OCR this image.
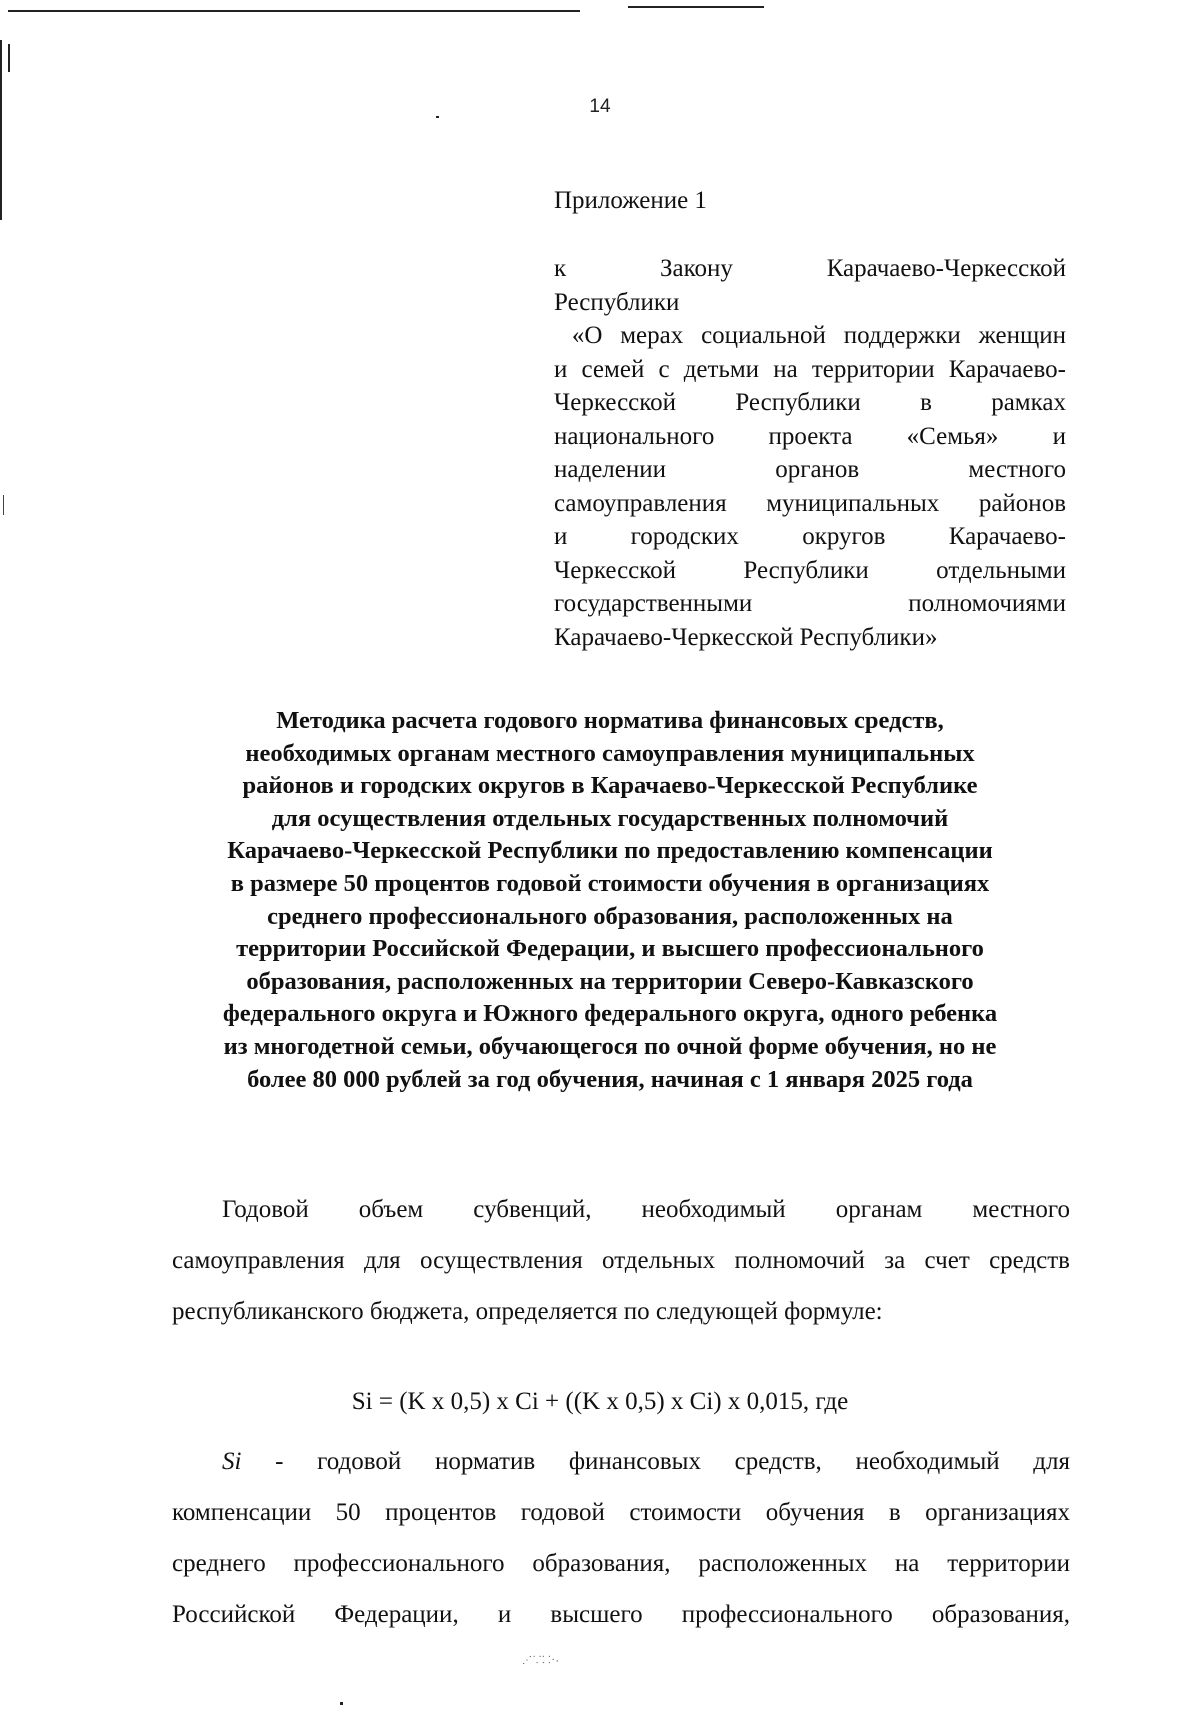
14
Приложение 1
к Закону Карачаево-Черкесской
Республики
«О мерах социальной поддержки женщин
и семей с детьми на территории Карачаево-
Черкесской Республики в рамках
национального проекта «Семья» и
наделении органов местного
самоуправления муниципальных районов
и городских округов Карачаево-
Черкесской Республики отдельными
государственными полномочиями
Карачаево-Черкесской Республики»
Методика расчета годового норматива финансовых средств,
необходимых органам местного самоуправления муниципальных
районов и городских округов в Карачаево-Черкесской Республике
для осуществления отдельных государственных полномочий
Карачаево-Черкесской Республики по предоставлению компенсации
в размере 50 процентов годовой стоимости обучения в организациях
среднего профессионального образования, расположенных на
территории Российской Федерации, и высшего профессионального
образования, расположенных на территории Северо-Кавказского
федерального округа и Южного федерального округа, одного ребенка
из многодетной семьи, обучающегося по очной форме обучения, но не
более 80 000 рублей за год обучения, начиная с 1 января 2025 года

Годовой объем субвенций, необходимый органам местного
самоуправления для осуществления отдельных полномочий за счет средств
республиканского бюджета, определяется по следующей формуле:

Si = (K x 0,5) x Ci + ((K x 0,5) x Ci) x 0,015, где

Si - годовой норматив финансовых средств, необходимый для
компенсации 50 процентов годовой стоимости обучения в организациях
среднего профессионального образования, расположенных на территории
Российской Федерации, и высшего профессионального образования,

⋰⸪⸬·⸳
